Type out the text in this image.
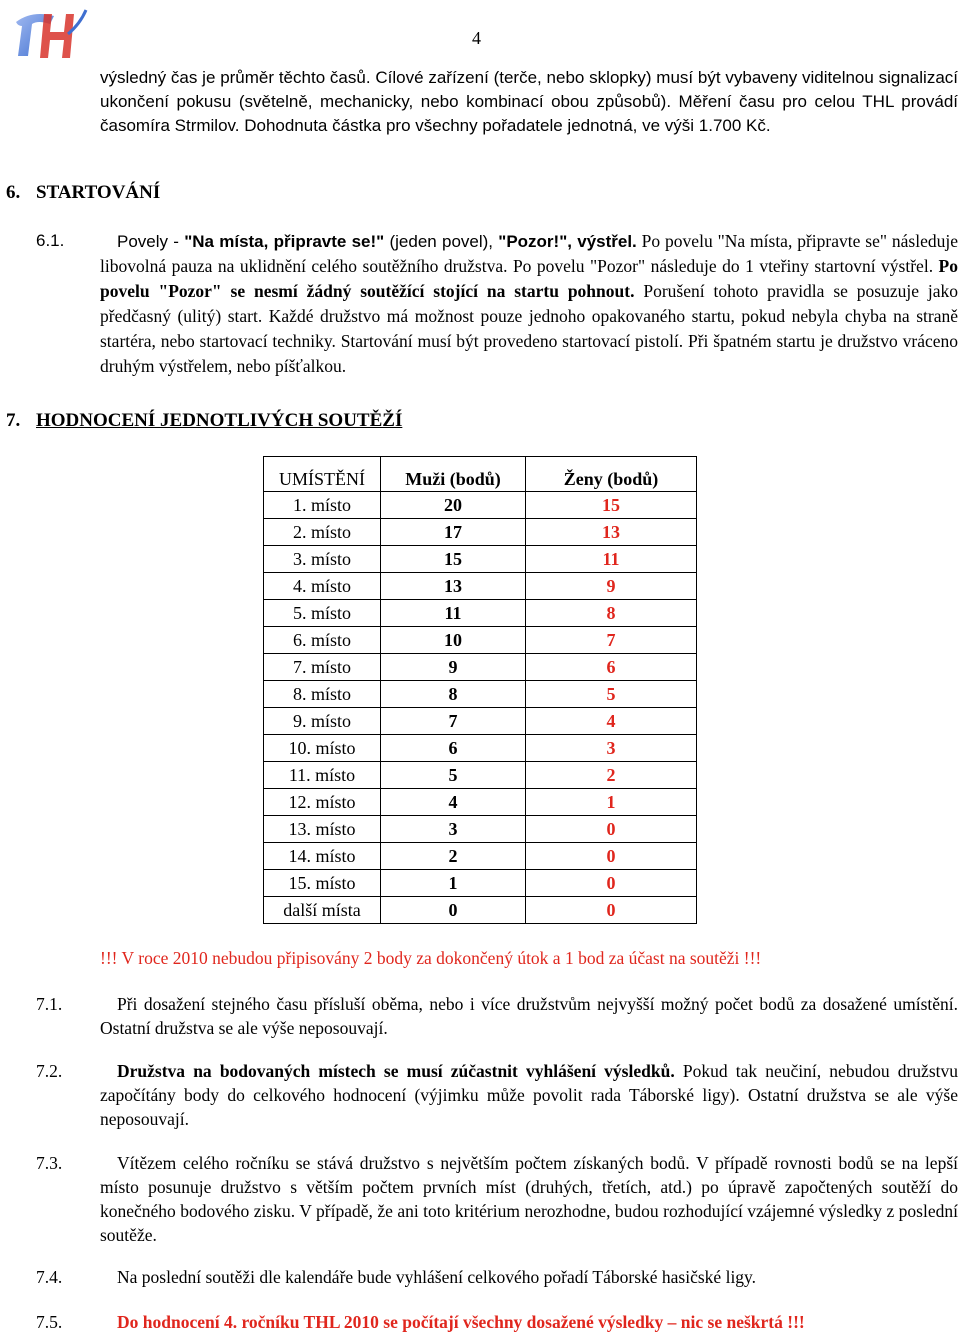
4
výsledný čas je průměr těchto časů. Cílové zařízení (terče, nebo sklopky) musí být vybaveny viditelnou signalizací ukončení pokusu (světelně, mechanicky, nebo kombinací obou způsobů). Měření času pro celou THL provádí časomíra Strmilov. Dohodnuta částka pro všechny pořadatele jednotná, ve výši 1.700 Kč.
6. STARTOVÁNÍ
6.1.	Povely - "Na místa, připravte se!" (jeden povel), "Pozor!", výstřel. Po povelu "Na místa, připravte se" následuje libovolná pauza na uklidnění celého soutěžního družstva. Po povelu "Pozor" následuje do 1 vteřiny startovní výstřel. Po povelu "Pozor" se nesmí žádný soutěžící stojící na startu pohnout. Porušení tohoto pravidla se posuzuje jako předčasný (ulitý) start. Každé družstvo má možnost pouze jednoho opakovaného startu, pokud nebyla chyba na straně startéra, nebo startovací techniky. Startování musí být provedeno startovací pistolí. Při špatném startu je družstvo vráceno druhým výstřelem, nebo píšťalkou.
7. HODNOCENÍ JEDNOTLIVÝCH SOUTĚŽÍ
UMÍSTĚNÍ	Muži (bodů)	Ženy (bodů)
1. místo	20	15
2. místo	17	13
3. místo	15	11
4. místo	13	9
5. místo	11	8
6. místo	10	7
7. místo	9	6
8. místo	8	5
9. místo	7	4
10. místo	6	3
11. místo	5	2
12. místo	4	1
13. místo	3	0
14. místo	2	0
15. místo	1	0
další místa	0	0
!!! V roce 2010 nebudou připisovány 2 body za dokončený útok a 1 bod za účast na soutěži !!!
7.1.	Při dosažení stejného času přísluší oběma, nebo i více družstvům nejvyšší možný počet bodů za dosažené umístění. Ostatní družstva se ale výše neposouvají.
7.2.	Družstva na bodovaných místech se musí zúčastnit vyhlášení výsledků. Pokud tak neučiní, nebudou družstvu započítány body do celkového hodnocení (výjimku může povolit rada Táborské ligy). Ostatní družstva se ale výše neposouvají.
7.3.	Vítězem celého ročníku se stává družstvo s největším počtem získaných bodů. V případě rovnosti bodů se na lepší místo posunuje družstvo s větším počtem prvních míst (druhých, třetích, atd.) po úpravě započtených soutěží do konečného bodového zisku. V případě, že ani toto kritérium nerozhodne, budou rozhodující vzájemné výsledky z poslední soutěže.
7.4.	Na poslední soutěži dle kalendáře bude vyhlášení celkového pořadí Táborské hasičské ligy.
7.5.	Do hodnocení 4. ročníku THL 2010 se počítají všechny dosažené výsledky – nic se neškrtá !!!
